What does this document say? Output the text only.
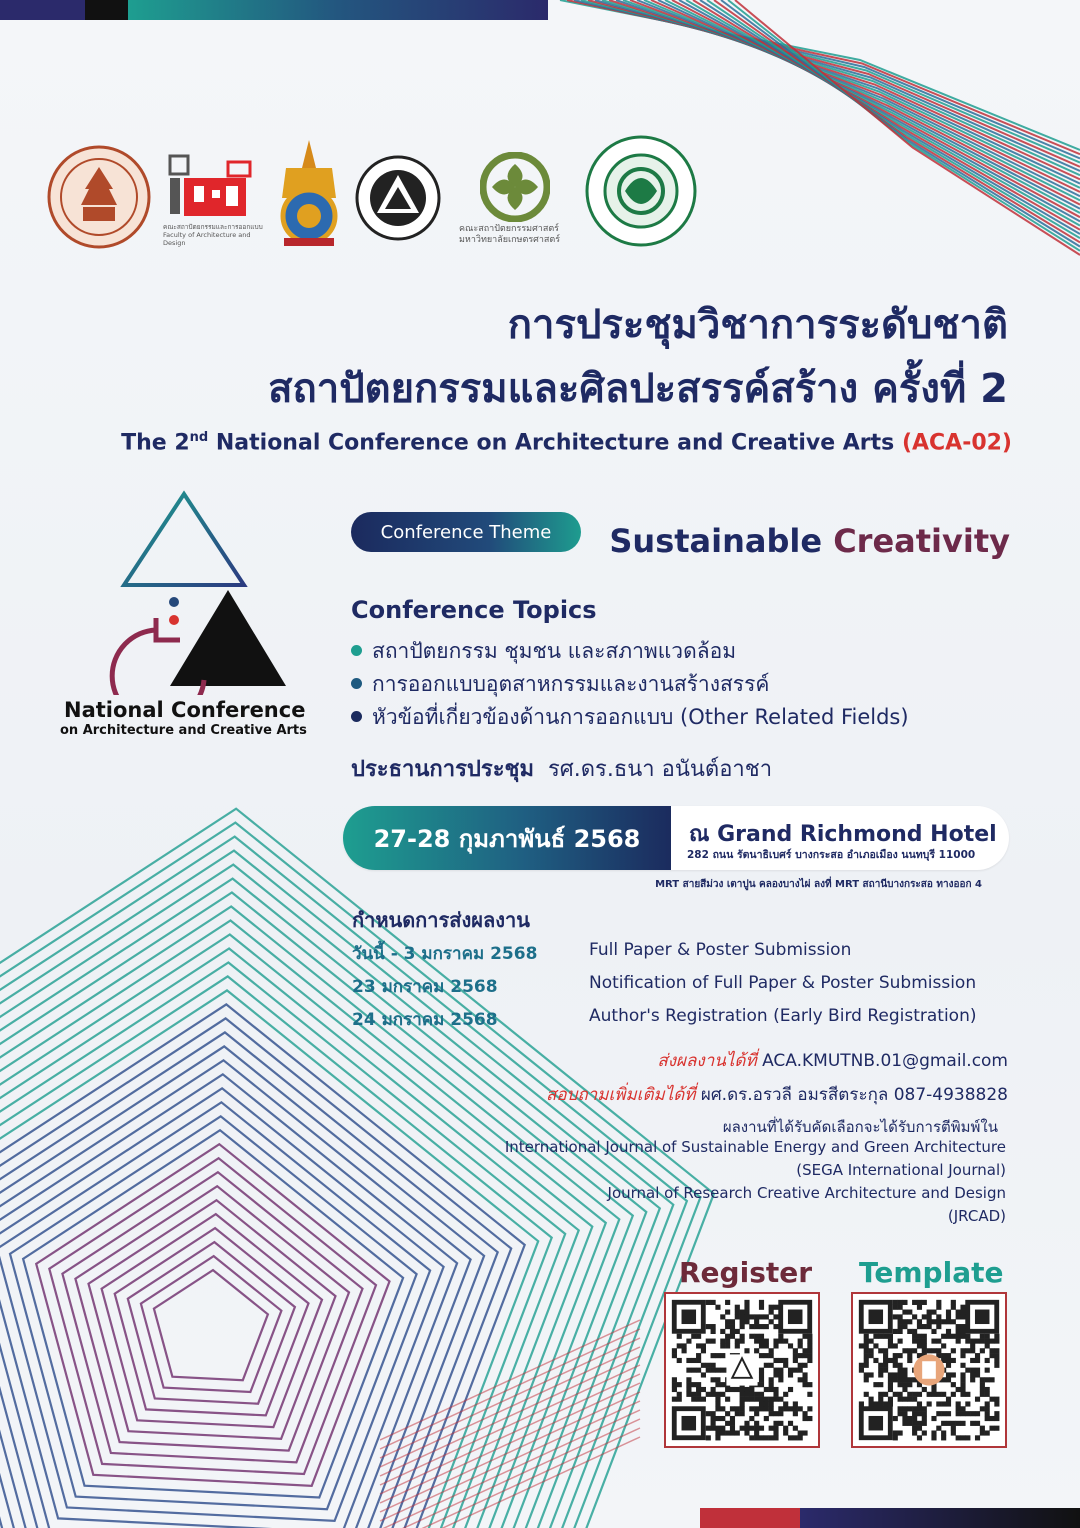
คณะสถาปัตยกรรมและการออกแบบ
Faculty of Architecture and Design
คณะสถาปัตยกรรมศาสตร์
มหาวิทยาลัยเกษตรศาสตร์
การประชุมวิชาการระดับชาติ
สถาปัตยกรรมและศิลปะสรรค์สร้าง ครั้งที่ 2
The 2nd National Conference on Architecture and Creative Arts (ACA-02)
National Conference
on Architecture and Creative Arts
Conference Theme	Sustainable Creativity
Conference Topics
สถาปัตยกรรม ชุมชน และสภาพแวดล้อม
การออกแบบอุตสาหกรรมและงานสร้างสรรค์
หัวข้อที่เกี่ยวข้องด้านการออกแบบ (Other Related Fields)
ประธานการประชุม รศ.ดร.ธนา อนันต์อาชา
27-28 กุมภาพันธ์ 2568	ณ Grand Richmond Hotel
282 ถนน รัตนาธิเบศร์ บางกระสอ อำเภอเมือง นนทบุรี 11000
MRT สายสีม่วง เตาปูน คลองบางไผ่ ลงที่ MRT สถานีบางกระสอ ทางออก 4
กำหนดการส่งผลงาน
วันนี้ - 3 มกราคม 2568	Full Paper & Poster Submission
23 มกราคม 2568	Notification of Full Paper & Poster Submission
24 มกราคม 2568	Author's Registration (Early Bird Registration)
ส่งผลงานได้ที่ ACA.KMUTNB.01@gmail.com
สอบถามเพิ่มเติมได้ที่ ผศ.ดร.อรวลี อมรสีตระกุล 087-4938828
ผลงานที่ได้รับคัดเลือกจะได้รับการตีพิมพ์ใน
International Journal of Sustainable Energy and Green Architecture
(SEGA International Journal)
Journal of Research Creative Architecture and Design
(JRCAD)
Register Template
